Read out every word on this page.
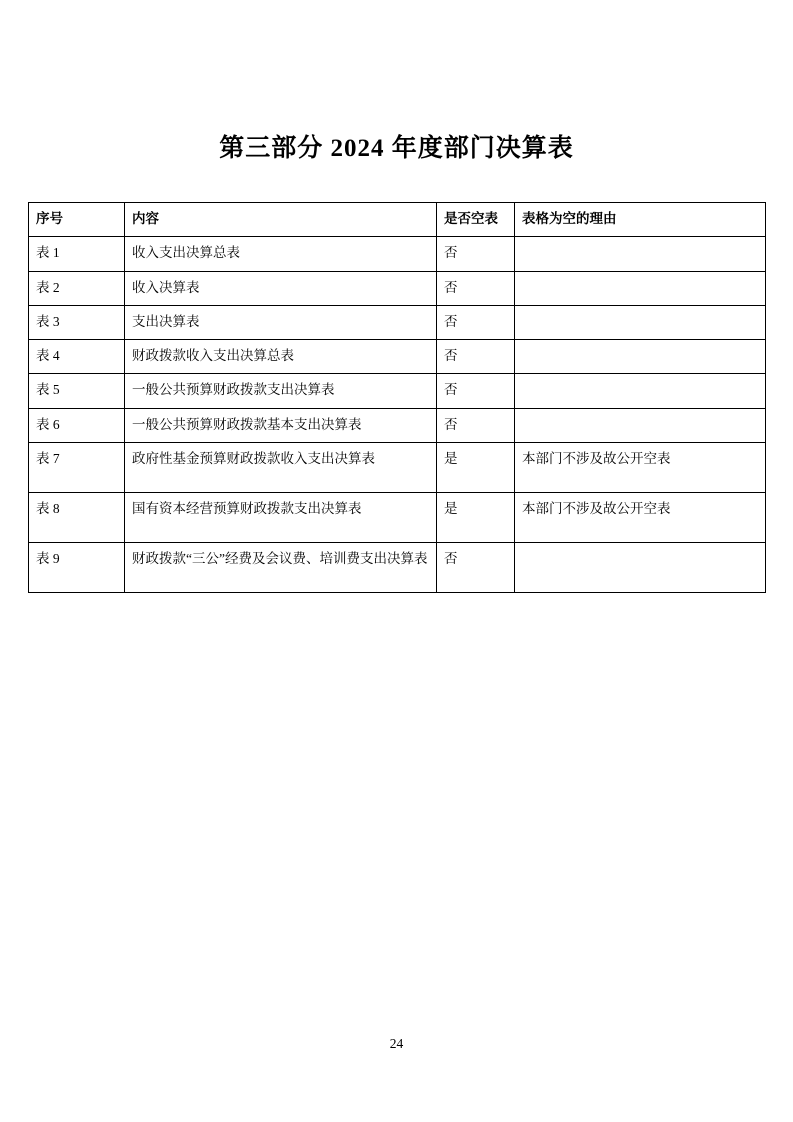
第三部分 2024 年度部门决算表
序号	内容	是否空表	表格为空的理由
表 1	收入支出决算总表	否	
表 2	收入决算表	否	
表 3	支出决算表	否	
表 4	财政拨款收入支出决算总表	否	
表 5	一般公共预算财政拨款支出决算表	否	
表 6	一般公共预算财政拨款基本支出决算表	否	
表 7	政府性基金预算财政拨款收入支出决算表	是	本部门不涉及故公开空表
表 8	国有资本经营预算财政拨款支出决算表	是	本部门不涉及故公开空表
表 9	财政拨款“三公”经费及会议费、培训费支出决算表	否	
24
